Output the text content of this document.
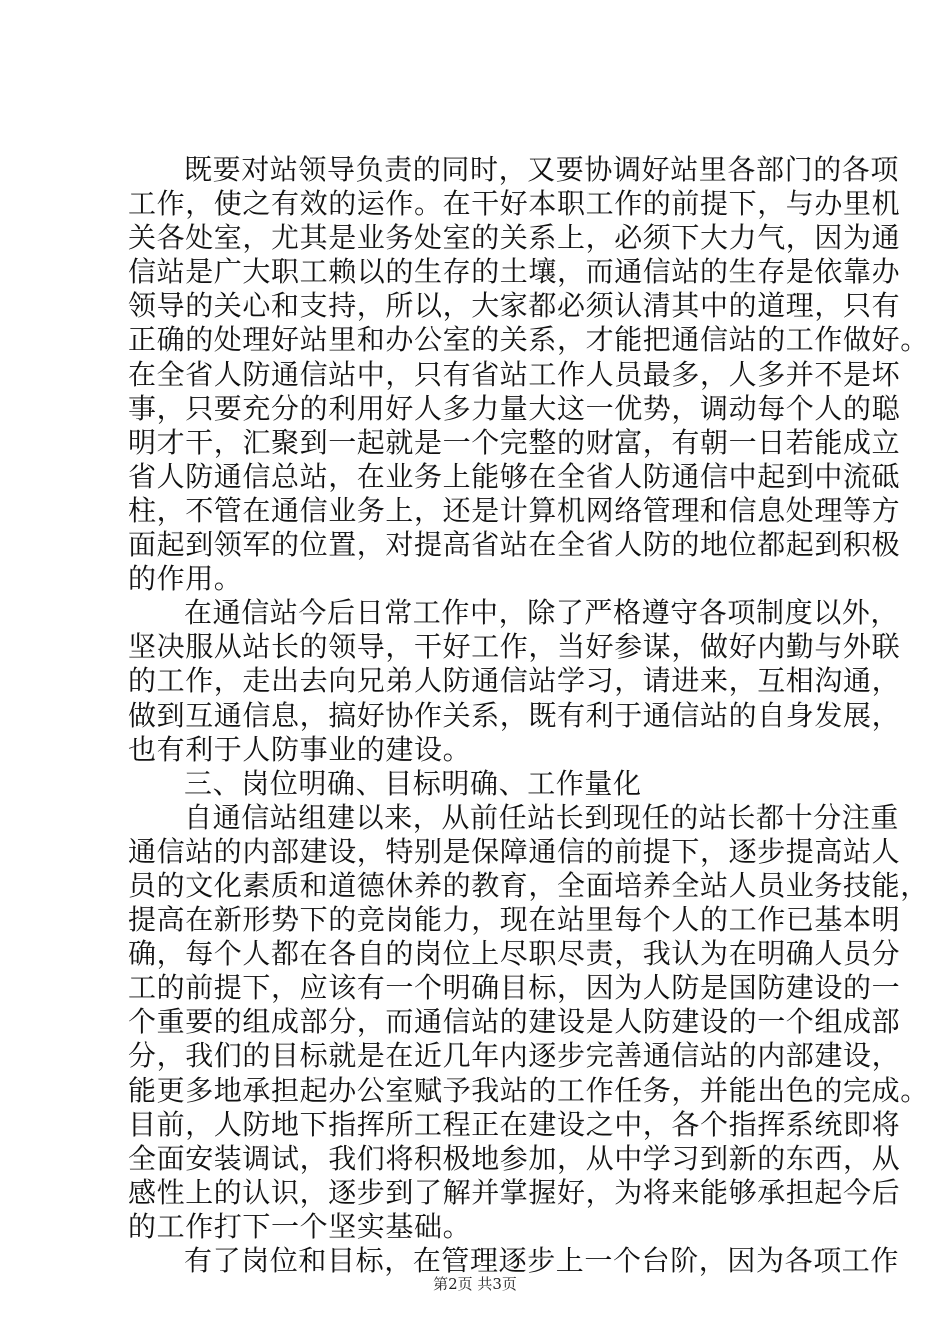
既要对站领导负责的同时，又要协调好站里各部门的各项
工作，使之有效的运作。在干好本职工作的前提下，与办里机
关各处室，尤其是业务处室的关系上，必须下大力气，因为通
信站是广大职工赖以的生存的土壤，而通信站的生存是依靠办
领导的关心和支持，所以，大家都必须认清其中的道理，只有
正确的处理好站里和办公室的关系，才能把通信站的工作做好。
在全省人防通信站中，只有省站工作人员最多，人多并不是坏
事，只要充分的利用好人多力量大这一优势，调动每个人的聪
明才干，汇聚到一起就是一个完整的财富，有朝一日若能成立
省人防通信总站，在业务上能够在全省人防通信中起到中流砥
柱，不管在通信业务上，还是计算机网络管理和信息处理等方
面起到领军的位置，对提高省站在全省人防的地位都起到积极
的作用。
在通信站今后日常工作中，除了严格遵守各项制度以外，
坚决服从站长的领导，干好工作，当好参谋，做好内勤与外联
的工作，走出去向兄弟人防通信站学习，请进来，互相沟通，
做到互通信息，搞好协作关系，既有利于通信站的自身发展，
也有利于人防事业的建设。
三、岗位明确、目标明确、工作量化
自通信站组建以来，从前任站长到现任的站长都十分注重
通信站的内部建设，特别是保障通信的前提下，逐步提高站人
员的文化素质和道德休养的教育，全面培养全站人员业务技能，
提高在新形势下的竞岗能力，现在站里每个人的工作已基本明
确，每个人都在各自的岗位上尽职尽责，我认为在明确人员分
工的前提下，应该有一个明确目标，因为人防是国防建设的一
个重要的组成部分，而通信站的建设是人防建设的一个组成部
分，我们的目标就是在近几年内逐步完善通信站的内部建设，
能更多地承担起办公室赋予我站的工作任务，并能出色的完成。
目前，人防地下指挥所工程正在建设之中，各个指挥系统即将
全面安装调试，我们将积极地参加，从中学习到新的东西，从
感性上的认识，逐步到了解并掌握好，为将来能够承担起今后
的工作打下一个坚实基础。
有了岗位和目标，在管理逐步上一个台阶，因为各项工作
第2页 共3页
